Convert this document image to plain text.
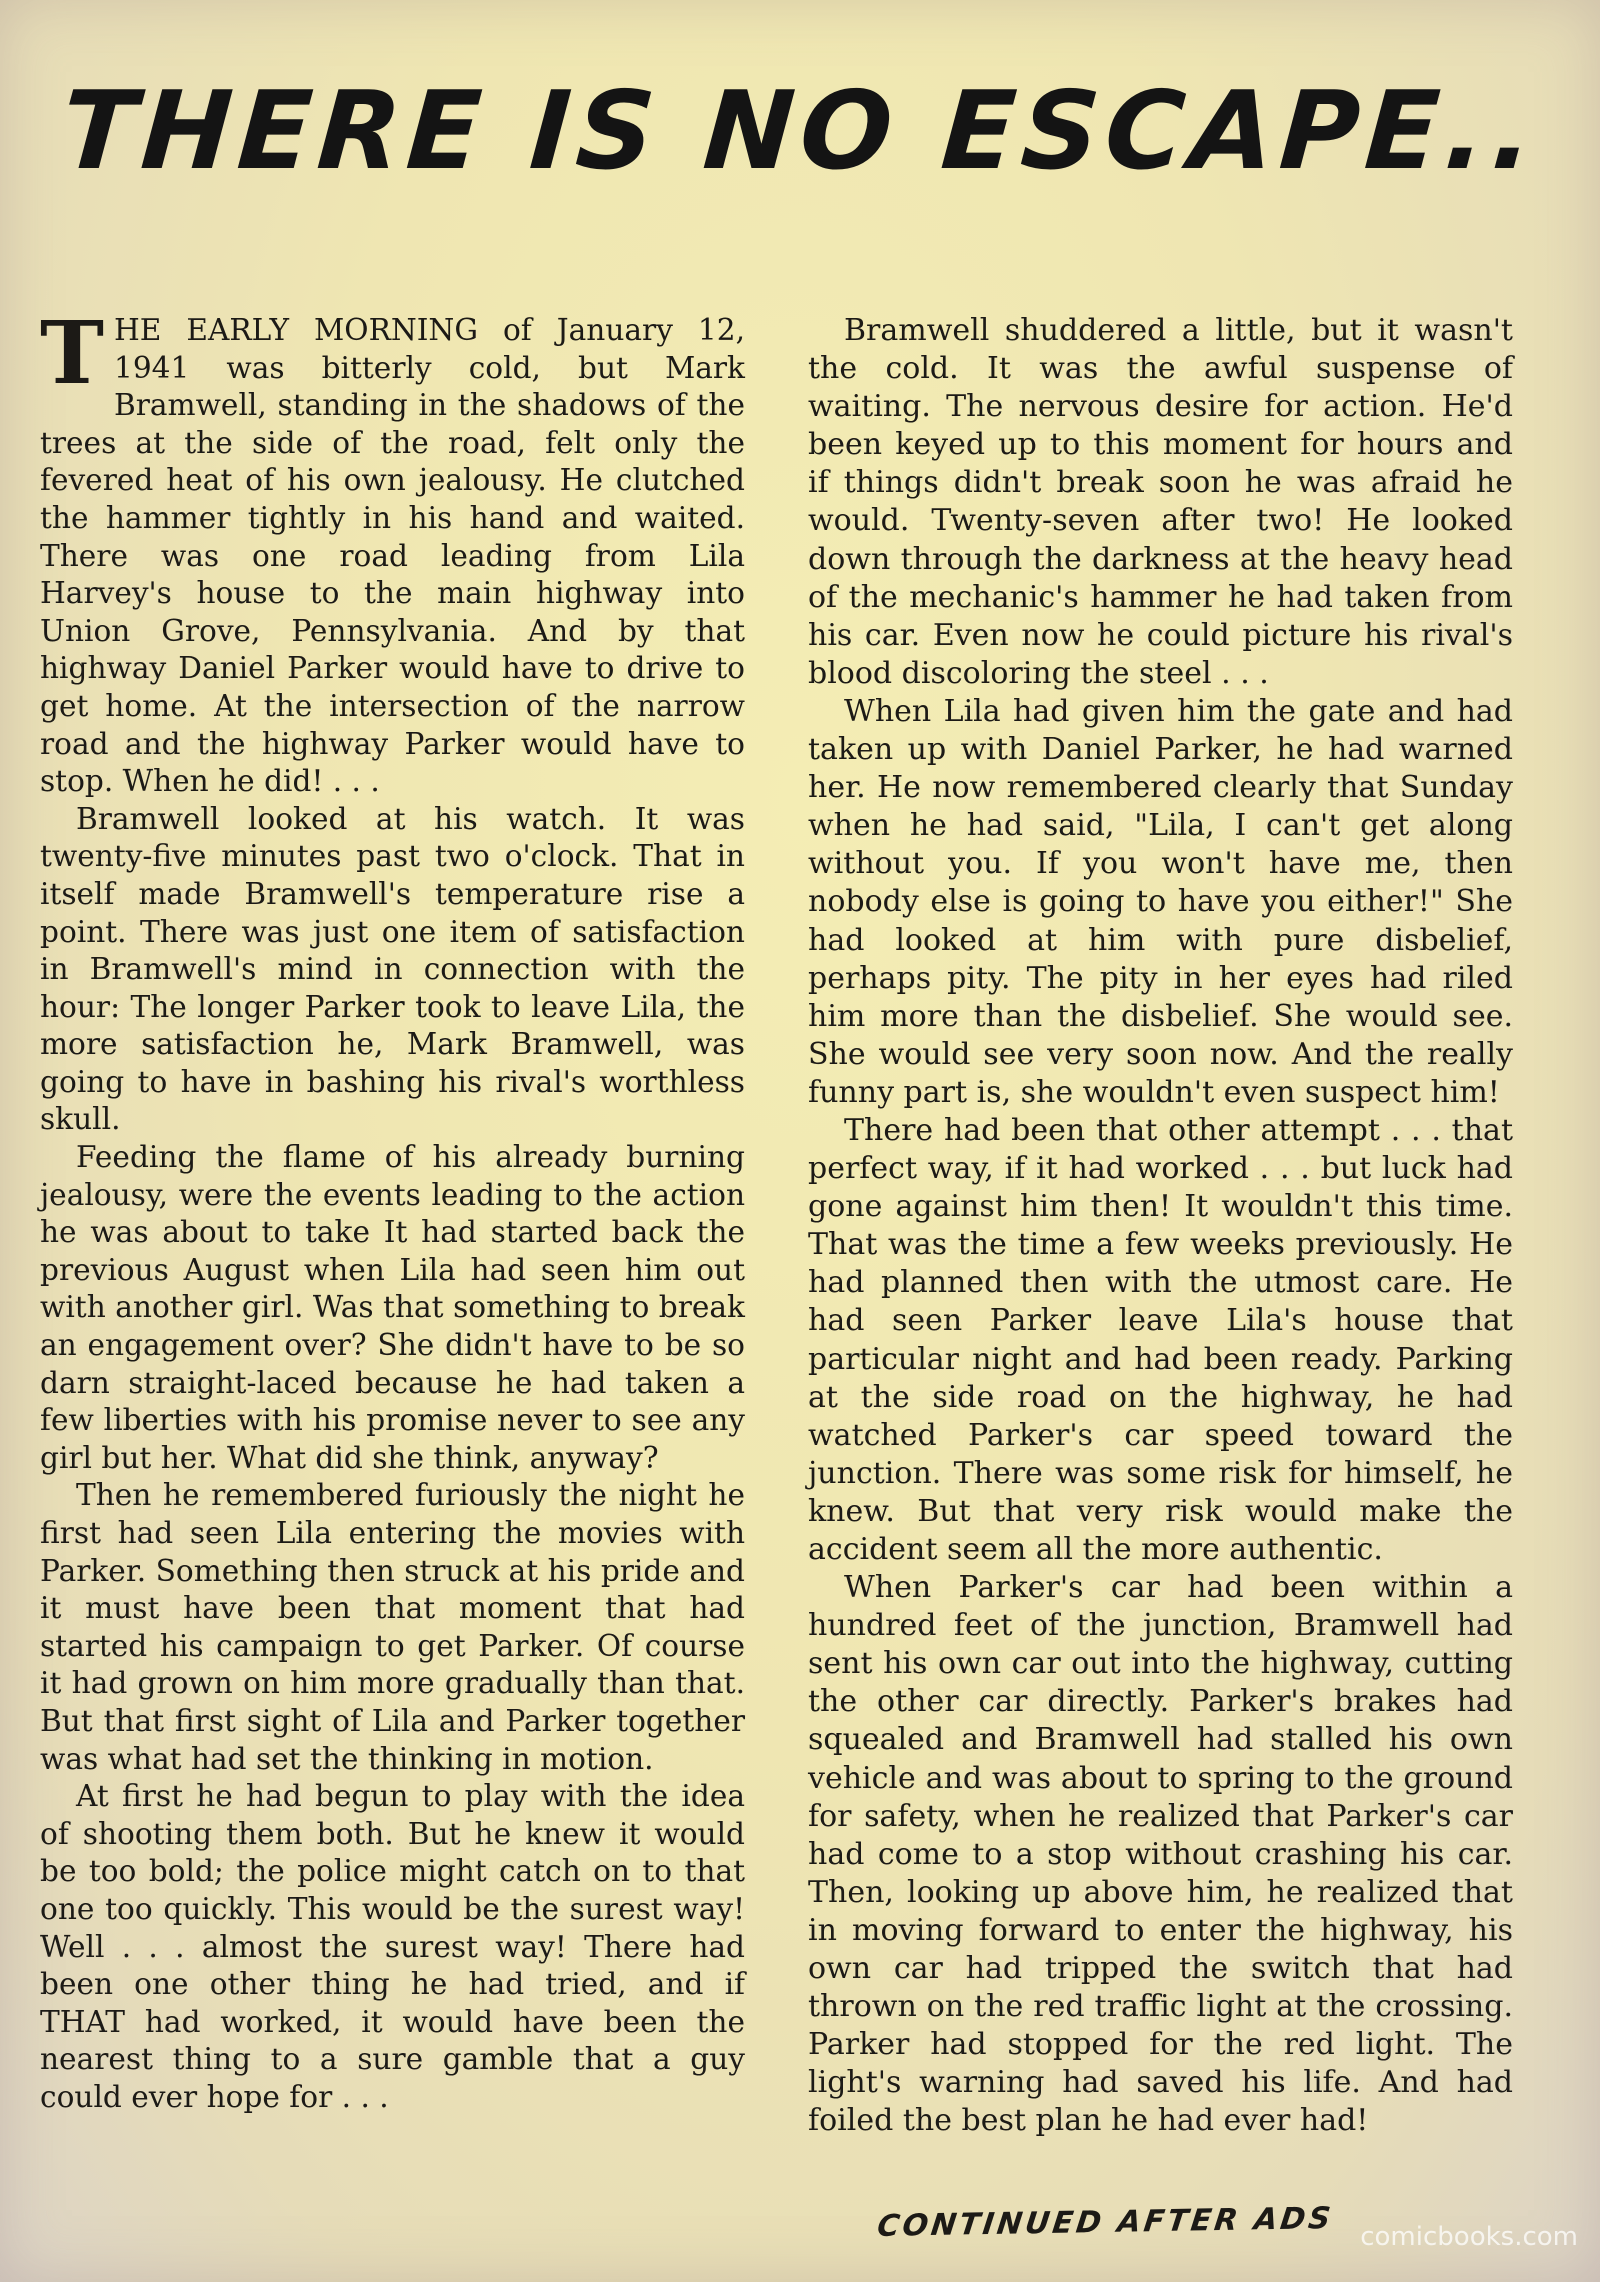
THERE IS NO ESCAPE..

THE EARLY MORNING of January 12, 1941 was bitterly cold, but Mark Bramwell, standing in the shadows of the trees at the side of the road, felt only the fevered heat of his own jealousy. He clutched the hammer tightly in his hand and waited. There was one road leading from Lila Harvey's house to the main highway into Union Grove, Pennsylvania. And by that highway Daniel Parker would have to drive to get home. At the intersection of the narrow road and the highway Parker would have to stop. When he did! . . .

Bramwell looked at his watch. It was twenty-five minutes past two o'clock. That in itself made Bramwell's temperature rise a point. There was just one item of satisfaction in Bramwell's mind in connection with the hour: The longer Parker took to leave Lila, the more satisfaction he, Mark Bramwell, was going to have in bashing his rival's worthless skull.

Feeding the flame of his already burning jealousy, were the events leading to the action he was about to take It had started back the previous August when Lila had seen him out with another girl. Was that something to break an engagement over? She didn't have to be so darn straight-laced because he had taken a few liberties with his promise never to see any girl but her. What did she think, anyway?

Then he remembered furiously the night he first had seen Lila entering the movies with Parker. Something then struck at his pride and it must have been that moment that had started his campaign to get Parker. Of course it had grown on him more gradually than that. But that first sight of Lila and Parker together was what had set the thinking in motion.

At first he had begun to play with the idea of shooting them both. But he knew it would be too bold; the police might catch on to that one too quickly. This would be the surest way! Well . . . almost the surest way! There had been one other thing he had tried, and if THAT had worked, it would have been the nearest thing to a sure gamble that a guy could ever hope for . . .

Bramwell shuddered a little, but it wasn't the cold. It was the awful suspense of waiting. The nervous desire for action. He'd been keyed up to this moment for hours and if things didn't break soon he was afraid he would. Twenty-seven after two! He looked down through the darkness at the heavy head of the mechanic's hammer he had taken from his car. Even now he could picture his rival's blood discoloring the steel . . .

When Lila had given him the gate and had taken up with Daniel Parker, he had warned her. He now remembered clearly that Sunday when he had said, "Lila, I can't get along without you. If you won't have me, then nobody else is going to have you either!" She had looked at him with pure disbelief, perhaps pity. The pity in her eyes had riled him more than the disbelief. She would see. She would see very soon now. And the really funny part is, she wouldn't even suspect him!

There had been that other attempt . . . that perfect way, if it had worked . . . but luck had gone against him then! It wouldn't this time. That was the time a few weeks previously. He had planned then with the utmost care. He had seen Parker leave Lila's house that particular night and had been ready. Parking at the side road on the highway, he had watched Parker's car speed toward the junction. There was some risk for himself, he knew. But that very risk would make the accident seem all the more authentic.

When Parker's car had been within a hundred feet of the junction, Bramwell had sent his own car out into the highway, cutting the other car directly. Parker's brakes had squealed and Bramwell had stalled his own vehicle and was about to spring to the ground for safety, when he realized that Parker's car had come to a stop without crashing his car. Then, looking up above him, he realized that in moving forward to enter the highway, his own car had tripped the switch that had thrown on the red traffic light at the crossing. Parker had stopped for the red light. The light's warning had saved his life. And had foiled the best plan he had ever had!

CONTINUED AFTER ADS comicbooks.com
